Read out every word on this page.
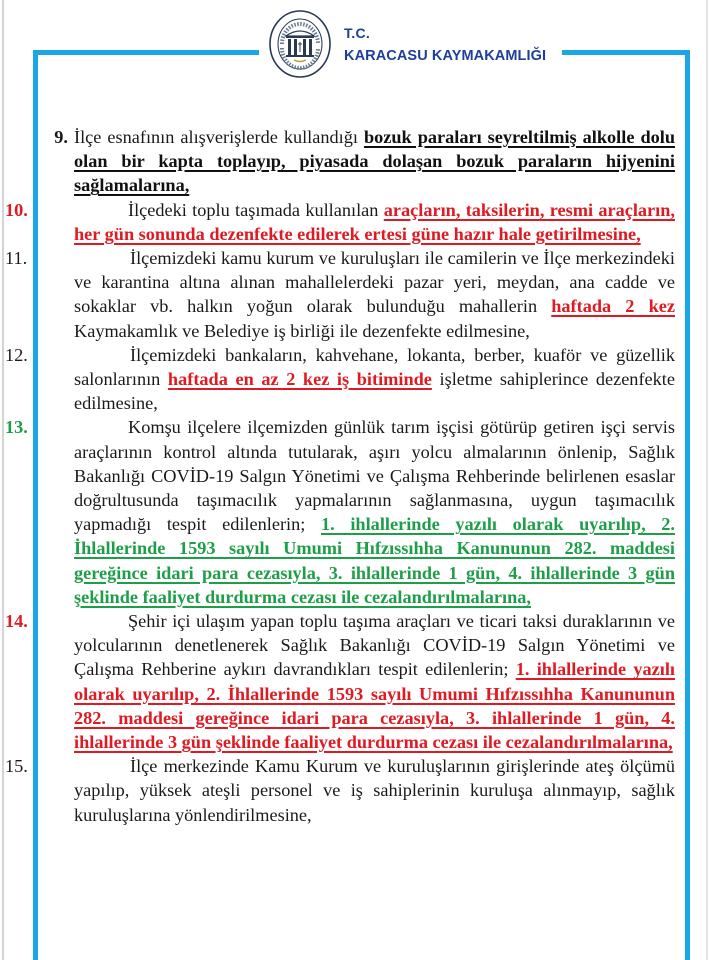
T.C.
KARACASU KAYMAKAMLIĞI

9. İlçe esnafının alışverişlerde kullandığı bozuk paraları seyreltilmiş alkolle dolu olan bir kapta toplayıp, piyasada dolaşan bozuk paraların hijyenini sağlamalarına,

10.	İlçedeki toplu taşımada kullanılan araçların, taksilerin, resmi araçların, her gün sonunda dezenfekte edilerek ertesi güne hazır hale getirilmesine,

11.	İlçemizdeki kamu kurum ve kuruluşları ile camilerin ve İlçe merkezindeki ve karantina altına alınan mahallelerdeki pazar yeri, meydan, ana cadde ve sokaklar vb. halkın yoğun olarak bulunduğu mahallerin haftada 2 kez Kaymakamlık ve Belediye iş birliği ile dezenfekte edilmesine,

12.	İlçemizdeki bankaların, kahvehane, lokanta, berber, kuaför ve güzellik salonlarının haftada en az 2 kez iş bitiminde işletme sahiplerince dezenfekte edilmesine,

13.	Komşu ilçelere ilçemizden günlük tarım işçisi götürüp getiren işçi servis araçlarının kontrol altında tutularak, aşırı yolcu almalarının önlenip, Sağlık Bakanlığı COVİD-19 Salgın Yönetimi ve Çalışma Rehberinde belirlenen esaslar doğrultusunda taşımacılık yapmalarının sağlanmasına, uygun taşımacılık yapmadığı tespit edilenlerin; 1. ihlallerinde yazılı olarak uyarılıp, 2. İhlallerinde 1593 sayılı Umumi Hıfzıssıhha Kanununun 282. maddesi gereğince idari para cezasıyla, 3. ihlallerinde 1 gün, 4. ihlallerinde 3 gün şeklinde faaliyet durdurma cezası ile cezalandırılmalarına,

14.	Şehir içi ulaşım yapan toplu taşıma araçları ve ticari taksi duraklarının ve yolcularının denetlenerek Sağlık Bakanlığı COVİD-19 Salgın Yönetimi ve Çalışma Rehberine aykırı davrandıkları tespit edilenlerin; 1. ihlallerinde yazılı olarak uyarılıp, 2. İhlallerinde 1593 sayılı Umumi Hıfzıssıhha Kanununun 282. maddesi gereğince idari para cezasıyla, 3. ihlallerinde 1 gün, 4. ihlallerinde 3 gün şeklinde faaliyet durdurma cezası ile cezalandırılmalarına,

15.	İlçe merkezinde Kamu Kurum ve kuruluşlarının girişlerinde ateş ölçümü yapılıp, yüksek ateşli personel ve iş sahiplerinin kuruluşa alınmayıp, sağlık kuruluşlarına yönlendirilmesine,
